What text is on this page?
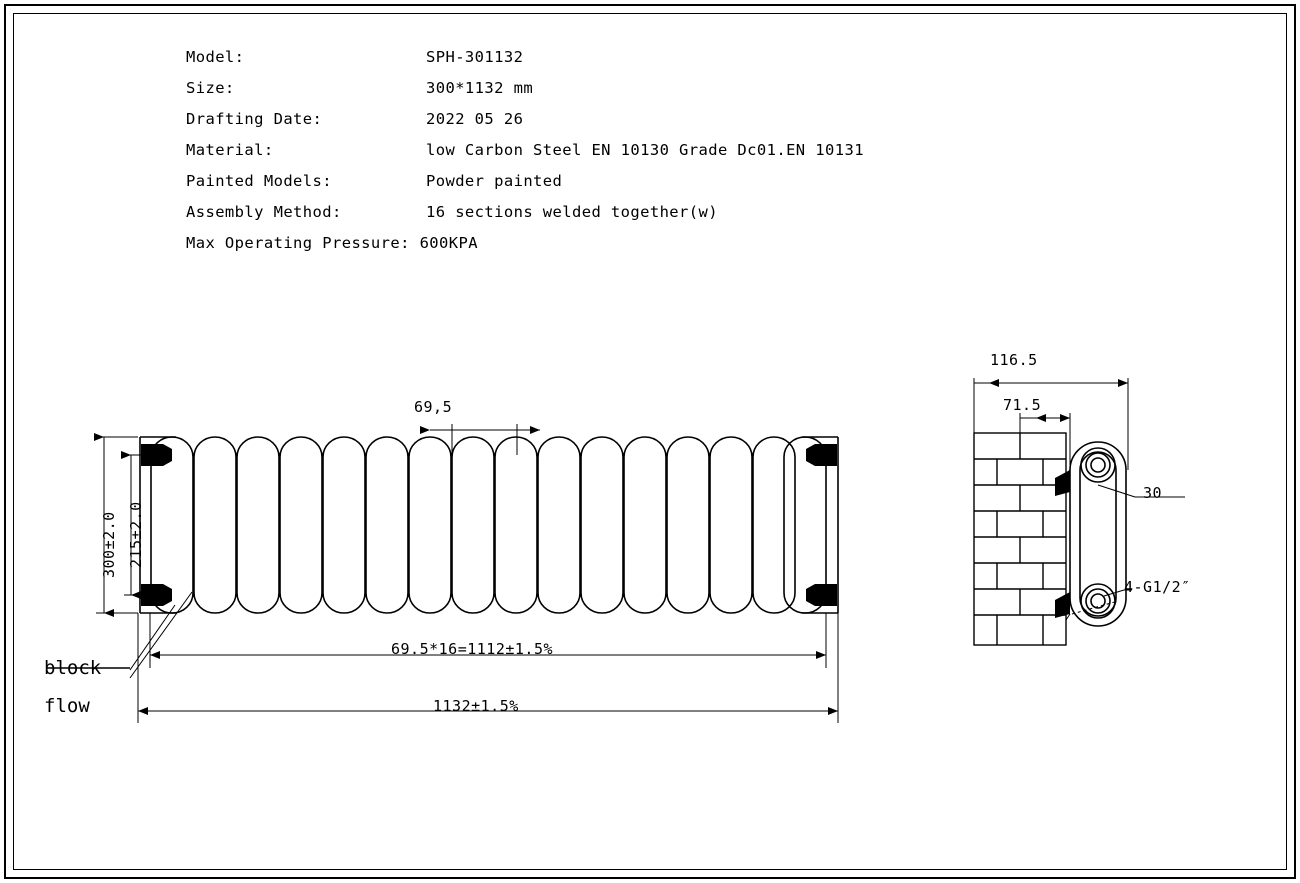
Model:	SPH-301132
Size:	300*1132 mm
Drafting Date:	2022 05 26
Material:	low Carbon Steel EN 10130 Grade Dc01.EN 10131
Painted Models:	Powder painted
Assembly Method:	16 sections welded together(w)
Max Operating Pressure: 600KPA
300±2.0 215±2.0
69,5
69.5*16=1112±1.5%
1132±1.5%
block
flow
116.5
71.5
30
4-G1/2″
